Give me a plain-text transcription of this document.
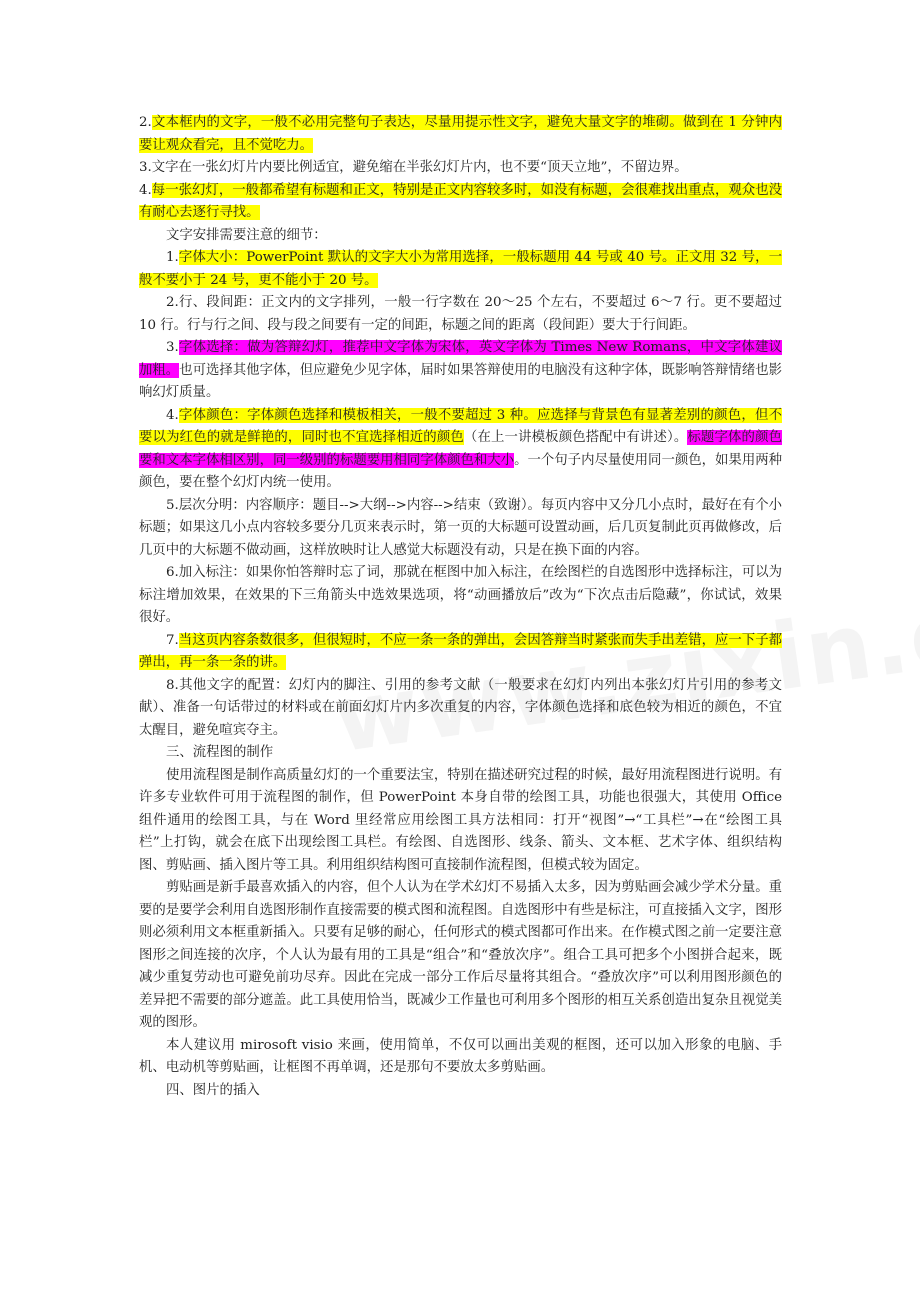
2.文本框内的文字，一般不必用完整句子表达，尽量用提示性文字，避免大量文字的堆砌。做到在 1 分钟内要让观众看完，且不觉吃力。

3.文字在一张幻灯片内要比例适宜，避免缩在半张幻灯片内，也不要“顶天立地”，不留边界。

4.每一张幻灯，一般都希望有标题和正文，特别是正文内容较多时，如没有标题，会很难找出重点，观众也没有耐心去逐行寻找。

文字安排需要注意的细节：

1.字体大小：PowerPoint 默认的文字大小为常用选择，一般标题用 44 号或 40 号。正文用 32 号，一般不要小于 24 号，更不能小于 20 号。

2.行、段间距：正文内的文字排列，一般一行字数在 20～25 个左右，不要超过 6～7 行。更不要超过 10 行。行与行之间、段与段之间要有一定的间距，标题之间的距离（段间距）要大于行间距。

3.字体选择：做为答辩幻灯，推荐中文字体为宋体，英文字体为 Times New Romans，中文字体建议加粗。也可选择其他字体，但应避免少见字体，届时如果答辩使用的电脑没有这种字体，既影响答辩情绪也影响幻灯质量。

4.字体颜色：字体颜色选择和模板相关，一般不要超过 3 种。应选择与背景色有显著差别的颜色，但不要以为红色的就是鲜艳的，同时也不宜选择相近的颜色（在上一讲模板颜色搭配中有讲述）。标题字体的颜色要和文本字体相区别，同一级别的标题要用相同字体颜色和大小。一个句子内尽量使用同一颜色，如果用两种颜色，要在整个幻灯内统一使用。

5.层次分明：内容顺序：题目-->大纲-->内容-->结束（致谢）。每页内容中又分几小点时，最好在有个小标题；如果这几小点内容较多要分几页来表示时，第一页的大标题可设置动画，后几页复制此页再做修改，后几页中的大标题不做动画，这样放映时让人感觉大标题没有动，只是在换下面的内容。

6.加入标注：如果你怕答辩时忘了词，那就在框图中加入标注，在绘图栏的自选图形中选择标注，可以为标注增加效果，在效果的下三角箭头中选效果选项，将“动画播放后”改为“下次点击后隐藏”，你试试，效果很好。

7.当这页内容条数很多，但很短时，不应一条一条的弹出，会因答辩当时紧张而失手出差错，应一下子都弹出，再一条一条的讲。

8.其他文字的配置：幻灯内的脚注、引用的参考文献（一般要求在幻灯内列出本张幻灯片引用的参考文献）、准备一句话带过的材料或在前面幻灯片内多次重复的内容，字体颜色选择和底色较为相近的颜色，不宜太醒目，避免喧宾夺主。

三、流程图的制作

使用流程图是制作高质量幻灯的一个重要法宝，特别在描述研究过程的时候，最好用流程图进行说明。有许多专业软件可用于流程图的制作，但 PowerPoint 本身自带的绘图工具，功能也很强大，其使用 Office 组件通用的绘图工具，与在 Word 里经常应用绘图工具方法相同：打开“视图”→“工具栏”→在“绘图工具栏”上打钩，就会在底下出现绘图工具栏。有绘图、自选图形、线条、箭头、文本框、艺术字体、组织结构图、剪贴画、插入图片等工具。利用组织结构图可直接制作流程图，但模式较为固定。

剪贴画是新手最喜欢插入的内容，但个人认为在学术幻灯不易插入太多，因为剪贴画会减少学术分量。重要的是要学会利用自选图形制作直接需要的模式图和流程图。自选图形中有些是标注，可直接插入文字，图形则必须利用文本框重新插入。只要有足够的耐心，任何形式的模式图都可作出来。在作模式图之前一定要注意图形之间连接的次序，个人认为最有用的工具是“组合”和“叠放次序”。组合工具可把多个小图拼合起来，既减少重复劳动也可避免前功尽弃。因此在完成一部分工作后尽量将其组合。“叠放次序”可以利用图形颜色的差异把不需要的部分遮盖。此工具使用恰当，既减少工作量也可利用多个图形的相互关系创造出复杂且视觉美观的图形。

本人建议用 mirosoft visio 来画，使用简单，不仅可以画出美观的框图，还可以加入形象的电脑、手机、电动机等剪贴画，让框图不再单调，还是那句不要放太多剪贴画。

四、图片的插入
